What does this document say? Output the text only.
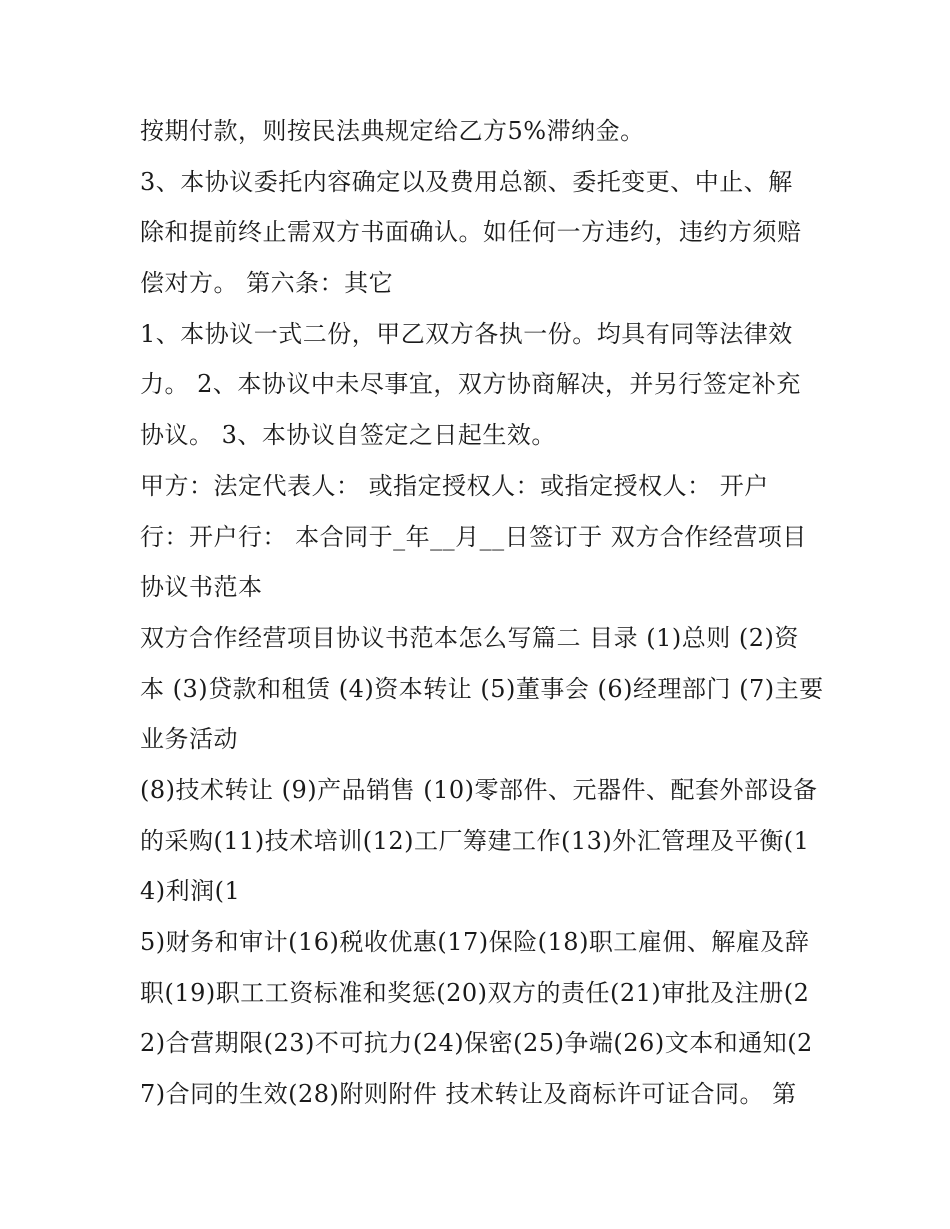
按期付款，则按民法典规定给乙方5%滞纳金。
3、本协议委托内容确定以及费用总额、委托变更、中止、解
除和提前终止需双方书面确认。如任何一方违约，违约方须赔
偿对方。 第六条：其它
1、本协议一式二份，甲乙双方各执一份。均具有同等法律效
力。 2、本协议中未尽事宜，双方协商解决，并另行签定补充
协议。 3、本协议自签定之日起生效。
甲方：法定代表人： 或指定授权人：或指定授权人： 开户
行：开户行： 本合同于_年__月__日签订于 双方合作经营项目
协议书范本
双方合作经营项目协议书范本怎么写篇二 目录 (1)总则 (2)资
本 (3)贷款和租赁 (4)资本转让 (5)董事会 (6)经理部门 (7)主要
业务活动
(8)技术转让 (9)产品销售 (10)零部件、元器件、配套外部设备
的采购(11)技术培训(12)工厂筹建工作(13)外汇管理及平衡(1
4)利润(1
5)财务和审计(16)税收优惠(17)保险(18)职工雇佣、解雇及辞
职(19)职工工资标准和奖惩(20)双方的责任(21)审批及注册(2
2)合营期限(23)不可抗力(24)保密(25)争端(26)文本和通知(2
7)合同的生效(28)附则附件 技术转让及商标许可证合同。 第
